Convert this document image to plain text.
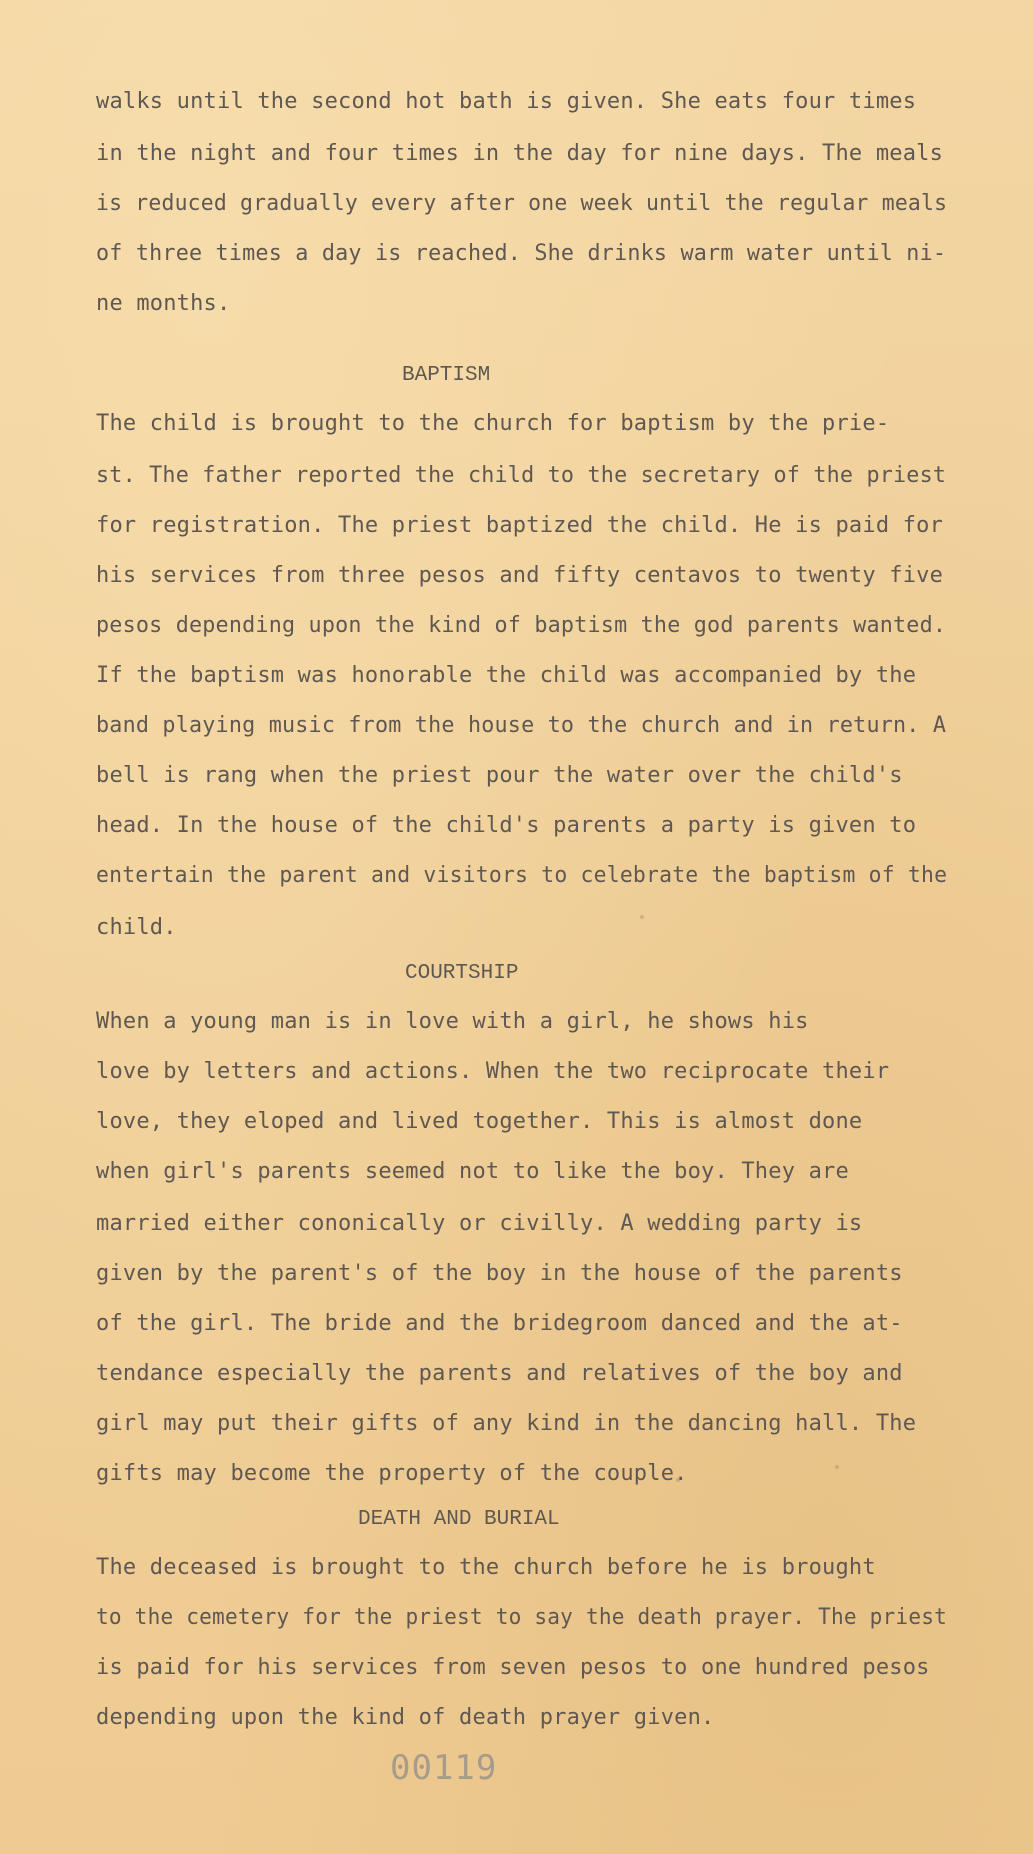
walks until the second hot bath is given. She eats four times
in the night and four times in the day for nine days. The meals
is reduced gradually every after one week until the regular meals
of three times a day is reached. She drinks warm water until ni-
ne months.
BAPTISM
The child is brought to the church for baptism by the prie-
st. The father reported the child to the secretary of the priest
for registration. The priest baptized the child. He is paid for
his services from three pesos and fifty centavos to twenty five
pesos depending upon the kind of baptism the god parents wanted.
If the baptism was honorable the child was accompanied by the
band playing music from the house to the church and in return. A
bell is rang when the priest pour the water over the child's
head. In the house of the child's parents a party is given to
entertain the parent and visitors to celebrate the baptism of the
child.
COURTSHIP
When a young man is in love with a girl, he shows his
love by letters and actions. When the two reciprocate their
love, they eloped and lived together. This is almost done
when girl's parents seemed not to like the boy. They are
married either cononically or civilly. A wedding party is
given by the parent's of the boy in the house of the parents
of the girl. The bride and the bridegroom danced and the at-
tendance especially the parents and relatives of the boy and
girl may put their gifts of any kind in the dancing hall. The
gifts may become the property of the couple.
DEATH AND BURIAL
The deceased is brought to the church before he is brought
to the cemetery for the priest to say the death prayer. The priest
is paid for his services from seven pesos to one hundred pesos
depending upon the kind of death prayer given.
00119
